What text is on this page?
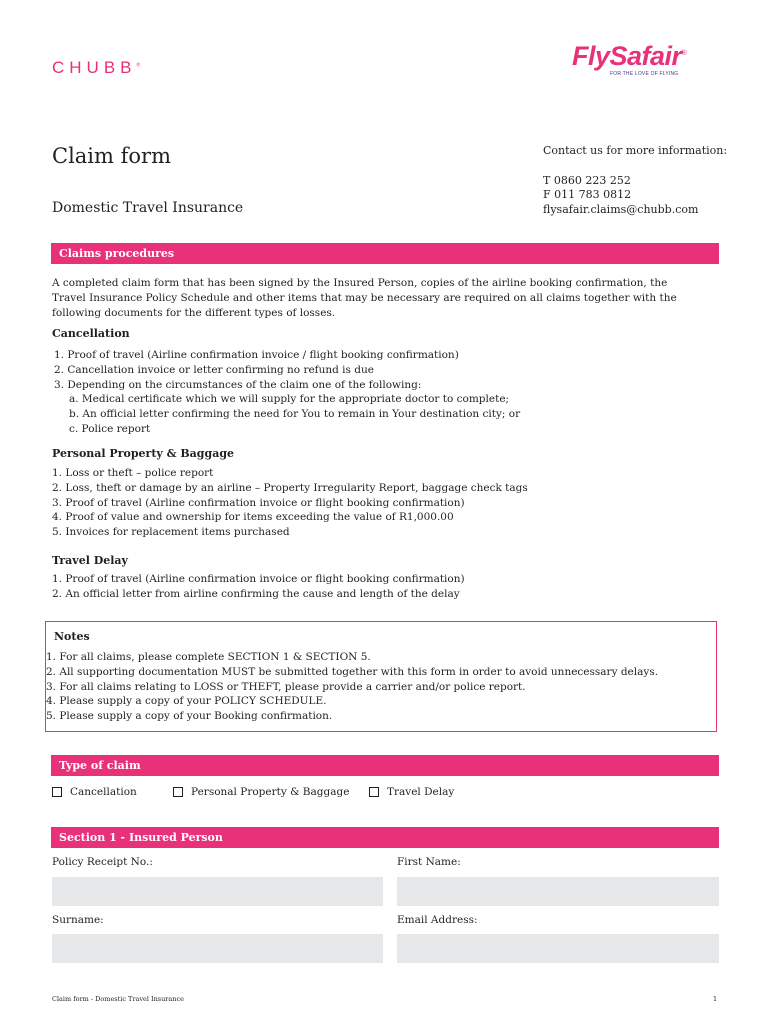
CHUBB®	FlySafair®
FOR THE LOVE OF FLYING
Claim form
Domestic Travel Insurance
Contact us for more information:
T 0860 223 252
F 011 783 0812
flysafair.claims@chubb.com
Claims procedures
A completed claim form that has been signed by the Insured Person, copies of the airline booking confirmation, the Travel Insurance Policy Schedule and other items that may be necessary are required on all claims together with the following documents for the different types of losses.
Cancellation
1. Proof of travel (Airline confirmation invoice / flight booking confirmation)
2. Cancellation invoice or letter confirming no refund is due
3. Depending on the circumstances of the claim one of the following:
a. Medical certificate which we will supply for the appropriate doctor to complete;
b. An official letter confirming the need for You to remain in Your destination city; or
c. Police report
Personal Property & Baggage
1. Loss or theft – police report
2. Loss, theft or damage by an airline – Property Irregularity Report, baggage check tags
3. Proof of travel (Airline confirmation invoice or flight booking confirmation)
4. Proof of value and ownership for items exceeding the value of R1,000.00
5. Invoices for replacement items purchased
Travel Delay
1. Proof of travel (Airline confirmation invoice or flight booking confirmation)
2. An official letter from airline confirming the cause and length of the delay
Notes
1. For all claims, please complete SECTION 1 & SECTION 5.
2. All supporting documentation MUST be submitted together with this form in order to avoid unnecessary delays.
3. For all claims relating to LOSS or THEFT, please provide a carrier and/or police report.
4. Please supply a copy of your POLICY SCHEDULE.
5. Please supply a copy of your Booking confirmation.
Type of claim
Cancellation	Personal Property & Baggage	Travel Delay
Section 1 - Insured Person
Policy Receipt No.:	First Name:
Surname:	Email Address:
Claim form - Domestic Travel Insurance	1
